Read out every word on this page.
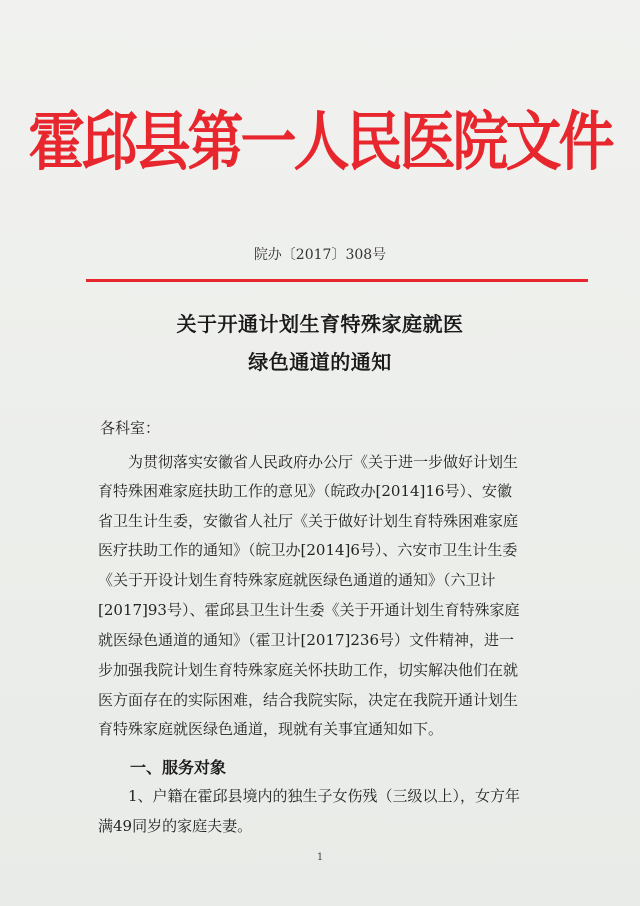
霍邱县第一人民医院文件
院办〔2017〕308号
关于开通计划生育特殊家庭就医
绿色通道的通知
各科室：
　　为贯彻落实安徽省人民政府办公厅《关于进一步做好计划生
育特殊困难家庭扶助工作的意见》（皖政办[2014]16号）、安徽
省卫生计生委，安徽省人社厅《关于做好计划生育特殊困难家庭
医疗扶助工作的通知》（皖卫办[2014]6号）、六安市卫生计生委
《关于开设计划生育特殊家庭就医绿色通道的通知》（六卫计
[2017]93号）、霍邱县卫生计生委《关于开通计划生育特殊家庭
就医绿色通道的通知》（霍卫计[2017]236号）文件精神，进一
步加强我院计划生育特殊家庭关怀扶助工作，切实解决他们在就
医方面存在的实际困难，结合我院实际，决定在我院开通计划生
育特殊家庭就医绿色通道，现就有关事宜通知如下。
一、服务对象
　　1、户籍在霍邱县境内的独生子女伤残（三级以上），女方年
满49同岁的家庭夫妻。
1
